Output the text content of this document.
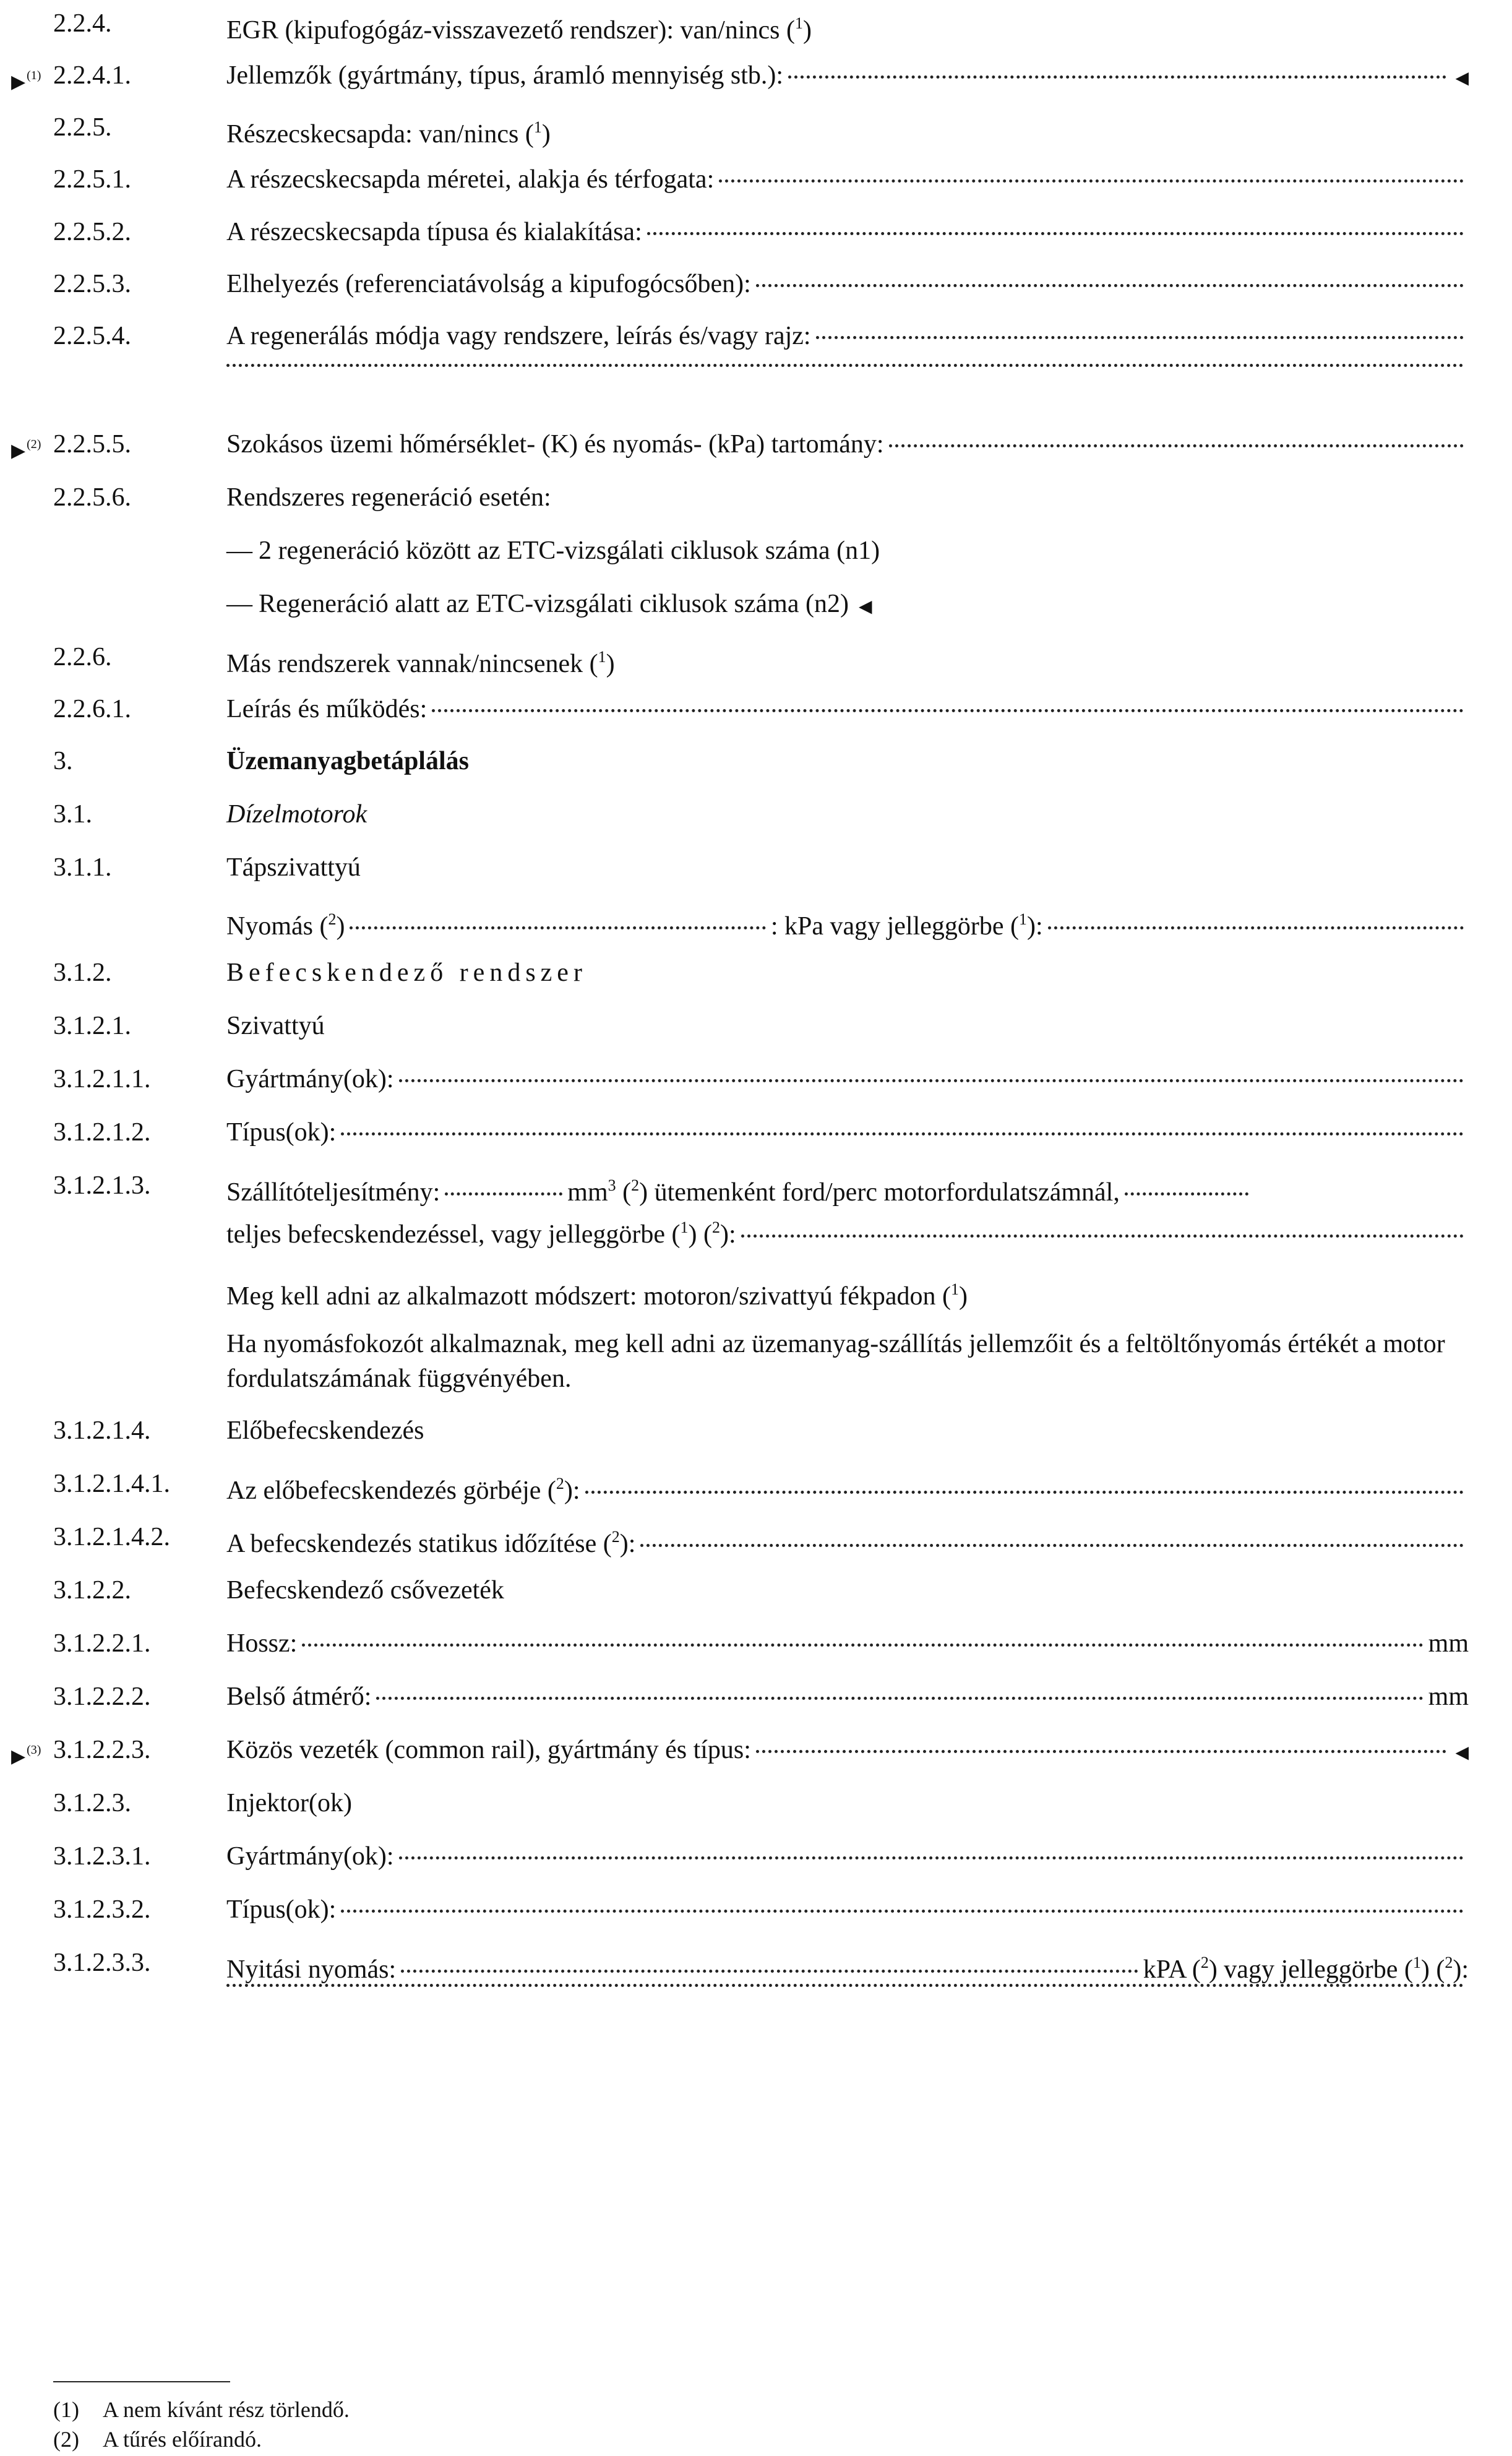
2.2.4.	EGR (kipufogógáz-visszavezető rendszer): van/nincs ($^1$)
▶ $^{(1)}$ 2.2.4.1.	Jellemzők (gyártmány, típus, áramló mennyiség stb.):	◀
2.2.5.	Részecskecsapda: van/nincs ($^1$)
2.2.5.1.	A részecskecsapda méretei, alakja és térfogata:
2.2.5.2.	A részecskecsapda típusa és kialakítása:
2.2.5.3.	Elhelyezés (referenciatávolság a kipufogócsőben):
2.2.5.4.	A regenerálás módja vagy rendszere, leírás és/vagy rajz:
▶ $^{(2)}$ 2.2.5.5.	Szokásos üzemi hőmérséklet- (K) és nyomás- (kPa) tartomány:
2.2.5.6.	Rendszeres regeneráció esetén:
— 2 regeneráció között az ETC-vizsgálati ciklusok száma (n1)
— Regeneráció alatt az ETC-vizsgálati ciklusok száma (n2) ◀
2.2.6.	Más rendszerek vannak/nincsenek ($^1$)
2.2.6.1.	Leírás és működés:
3.	Üzemanyagbetáplálás
3.1.	Dízelmotorok
3.1.1.	Tápszivattyú
Nyomás ($^2$)	: kPa vagy jelleggörbe ($^1$):
3.1.2.	Befecskendező rendszer
3.1.2.1.	Szivattyú
3.1.2.1.1.	Gyártmány(ok):
3.1.2.1.2.	Típus(ok):
3.1.2.1.3.	Szállítóteljesítmény:	$mm^3$ ($^2$) ütemenként ford/perc motorfordulatszámnál,
teljes befecskendezéssel, vagy jelleggörbe ($^1$) ($^2$):
Meg kell adni az alkalmazott módszert: motoron/szivattyú fékpadon ($^1$)
Ha nyomásfokozót alkalmaznak, meg kell adni az üzemanyag-szállítás jellemzőit és a feltöltőnyomás értékét a motor fordulatszámának függvényében.
3.1.2.1.4.	Előbefecskendezés
3.1.2.1.4.1. Az előbefecskendezés görbéje ($^2$):
3.1.2.1.4.2. A befecskendezés statikus időzítése ($^2$):
3.1.2.2.	Befecskendező csővezeték
3.1.2.2.1.	Hossz:	mm
3.1.2.2.2.	Belső átmérő:	mm
▶ $^{(3)}$ 3.1.2.2.3.	Közös vezeték (common rail), gyártmány és típus:	◀
3.1.2.3.	Injektor(ok)
3.1.2.3.1.	Gyártmány(ok):
3.1.2.3.2.	Típus(ok):
3.1.2.3.3.	Nyitási nyomás:	kPA ($^2$) vagy jelleggörbe ($^1$) ($^2$):
(1) A nem kívánt rész törlendő.
(2) A tűrés előírandó.
